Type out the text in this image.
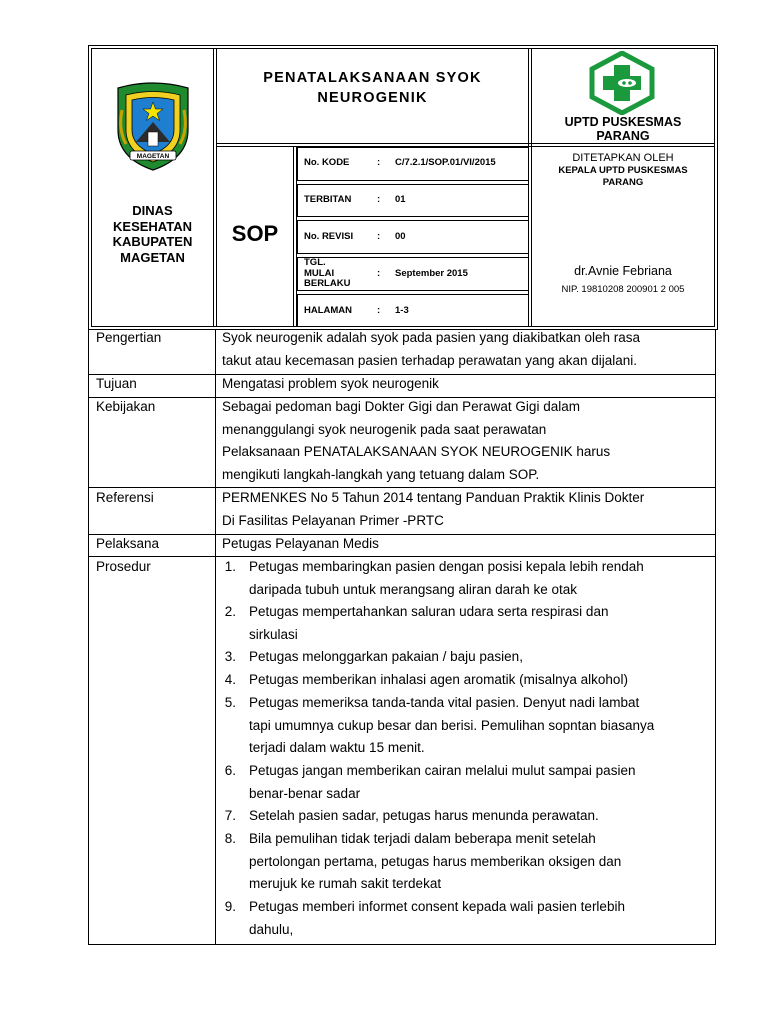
MAGETAN
DINAS
KESEHATAN
KABUPATEN
MAGETAN
PENATALAKSANAAN SYOK
NEUROGENIK
SOP
UPTD PUSKESMAS
PARANG
No. KODE	: C/7.2.1/SOP.01/VI/2015
TERBITAN	: 01
No. REVISI	: 00
TGL.
MULAI
BERLAKU
: September 2015
HALAMAN	: 1-3
DITETAPKAN OLEH
KEPALA UPTD PUSKESMAS
PARANG
dr.Avnie Febriana
NIP. 19810208 200901 2 005
Pengertian	Syok neurogenik adalah syok pada pasien yang diakibatkan oleh rasa
takut atau kecemasan pasien terhadap perawatan yang akan dijalani.
Tujuan	Mengatasi problem syok neurogenik
Kebijakan	Sebagai pedoman bagi Dokter Gigi dan Perawat Gigi dalam
menanggulangi syok neurogenik pada saat perawatan
Pelaksanaan PENATALAKSANAAN SYOK NEUROGENIK harus
mengikuti langkah-langkah yang tetuang dalam SOP.
Referensi	PERMENKES No 5 Tahun 2014 tentang Panduan Praktik Klinis Dokter
Di Fasilitas Pelayanan Primer -PRTC
Pelaksana	Petugas Pelayanan Medis
Prosedur	1. Petugas membaringkan pasien dengan posisi kepala lebih rendah
daripada tubuh untuk merangsang aliran darah ke otak
2. Petugas mempertahankan saluran udara serta respirasi dan
sirkulasi
3. Petugas melonggarkan pakaian / baju pasien,
4. Petugas memberikan inhalasi agen aromatik (misalnya alkohol)
5. Petugas memeriksa tanda-tanda vital pasien. Denyut nadi lambat
tapi umumnya cukup besar dan berisi. Pemulihan sopntan biasanya
terjadi dalam waktu 15 menit.
6. Petugas jangan memberikan cairan melalui mulut sampai pasien
benar-benar sadar
7. Setelah pasien sadar, petugas harus menunda perawatan.
8. Bila pemulihan tidak terjadi dalam beberapa menit setelah
pertolongan pertama, petugas harus memberikan oksigen dan
merujuk ke rumah sakit terdekat
9. Petugas memberi informet consent kepada wali pasien terlebih
dahulu,
